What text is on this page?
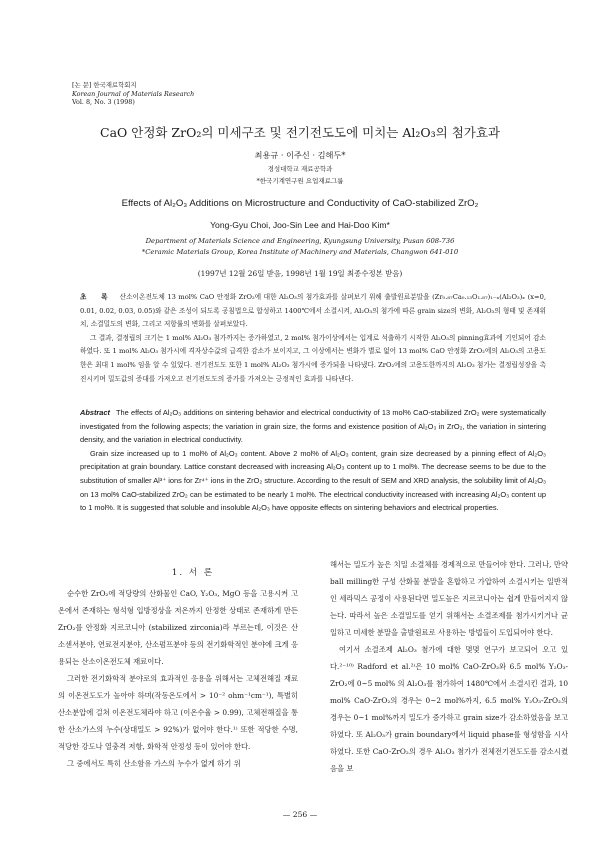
[논 문] 한국재료학회지
Korean Journal of Materials Research
Vol. 8, No. 3 (1998)
CaO 안정화 ZrO₂의 미세구조 및 전기전도도에 미치는 Al₂O₃의 첨가효과
최용규 · 이주신 · 김해두*
경성대학교 재료공학과
*한국기계연구원 요업재료그룹
Effects of Al₂O₃ Additions on Microstructure and Conductivity of CaO-stabilized ZrO₂
Yong-Gyu Choi, Joo-Sin Lee and Hai-Doo Kim*
Department of Materials Science and Engineering, Kyungsung University, Pusan 608-736
*Ceramic Materials Group, Korea Institute of Machinery and Materials, Changwon 641-010
(1997년 12월 26일 받음, 1998년 1월 19일 최종수정본 받음)

초 록 산소이온전도체 13 mol% CaO 안정화 ZrO₂에 대한 Al₂O₃의 첨가효과를 살펴보기 위해 출발원료분말을 (Zr₀.₈₇Ca₀.₁₃O₁.₈₇)₁₋ₓ(Al₂O₃)ₓ (x=0, 0.01, 0.02, 0.03, 0.05)와 같은 조성이 되도록 공침법으로 합성하고 1400℃에서 소결시켜, Al₂O₃의 첨가에 따른 grain size의 변화, Al₂O₃의 형태 및 존재위치, 소결밀도의 변화, 그리고 저항률의 변화를 살펴보았다.

그 결과, 결정립의 크기는 1 mol% Al₂O₃ 첨가까지는 증가하였고, 2 mol% 첨가이상에서는 입계로 석출하기 시작한 Al₂O₃의 pinning효과에 기인되어 감소하였다. 또 1 mol% Al₂O₃ 첨가시에 격자상수값의 급격한 감소가 보이지고, 그 이상에서는 변화가 별로 없어 13 mol% CaO 안정화 ZrO₂에의 Al₂O₃의 고용도한은 최대 1 mol% 임을 알 수 있었다. 전기전도도 또한 1 mol% Al₂O₃ 첨가시에 증가되을 나타냈다. ZrO₂에의 고용도한까지의 Al₂O₃ 첨가는 결정립성장을 촉진시키며 밀도값의 증대를 가져오고 전기전도도의 증가를 가져오는 긍정적인 효과를 나타낸다.

Abstract The effects of Al₂O₃ additions on sintering behavior and electrical conductivity of 13 mol% CaO-stabilized ZrO₂ were systematically investigated from the following aspects; the variation in grain size, the forms and existence position of Al₂O₃ in ZrO₂, the variation in sintering density, and the variation in electrical conductivity.

Grain size increased up to 1 mol% of Al₂O₃ content. Above 2 mol% of Al₂O₃ content, grain size decreased by a pinning effect of Al₂O₃ precipitation at grain boundary. Lattice constant decreased with increasing Al₂O₃ content up to 1 mol%. The decrease seems to be due to the substitution of smaller Al³⁺ ions for Zr⁴⁺ ions in the ZrO₂ structure. According to the result of SEM and XRD analysis, the solubility limit of Al₂O₃ on 13 mol% CaO-stabilized ZrO₂ can be estimated to be nearly 1 mol%. The electrical conductivity increased with increasing Al₂O₃ content up to 1 mol%. It is suggested that soluble and insoluble Al₂O₃ have opposite effects on sintering behaviors and electrical properties.

1. 서 론

순수한 ZrO₂에 적당량의 산화물인 CaO, Y₂O₃, MgO 등을 고용시켜 고온에서 존재하는 형석형 입방정상을 저온까지 안정한 상태로 존재하게 만든 ZrO₂를 안정화 지르코니아 (stabilized zirconia)라 부르는데, 이것은 산소센서분야, 연료전지분야, 산소펌프분야 등의 전기화학적인 분야에 크게 응용되는 산소이온전도체 재료이다.

그러한 전기화학적 분야로의 효과적인 응용을 위해서는 고체전해질 재료의 이온전도도가 높아야 하며(작동온도에서 > 10⁻² ohm⁻¹cm⁻¹), 특별히 산소분압에 걸쳐 이온전도체라야 하고 (이온수율 > 0.99), 고체전해질을 통한 산소가스의 누수(상대밀도 > 92%)가 없어야 한다.¹⁾ 또한 적당한 수명, 적당한 강도나 열충격 저항, 화학적 안정성 등이 있어야 한다.

그 중에서도 특히 산소함유 가스의 누수가 없게 하기 위

해서는 밀도가 높은 치밀 소결체를 경제적으로 만들어야 한다. 그러나, 만약 ball milling한 구성 산화물 분말을 혼합하고 가압하여 소결시키는 일반적인 세라믹스 공정이 사용된다면 밀도높은 지르코니아는 쉽게 만들어지지 않는다. 따라서 높은 소결밀도를 얻기 위해서는 소결조제를 첨가시키거나 균일하고 미세한 분말을 출발원료로 사용하는 방법들이 도입되어야 한다.

여기서 소결조제 Al₂O₃ 첨가에 대한 몇몇 연구가 보고되어 오고 있다.²⁻¹⁰⁾ Radford et al.²⁾은 10 mol% CaO-ZrO₂와 6.5 mol% Y₂O₃-ZrO₂에 0~5 mol% 의 Al₂O₃를 첨가하여 1480℃에서 소결시킨 결과, 10 mol% CaO-ZrO₂의 경우는 0~2 mol%까지, 6.5 mol% Y₂O₃-ZrO₂의 경우는 0~1 mol%까지 밀도가 증가하고 grain size가 감소하였음을 보고하였다. 또 Al₂O₃가 grain boundary에서 liquid phase를 형성함을 시사하였다. 또한 CaO-ZrO₂의 경우 Al₂O₃ 첨가가 전체전기전도도를 감소시켰음을 보

— 256 —
